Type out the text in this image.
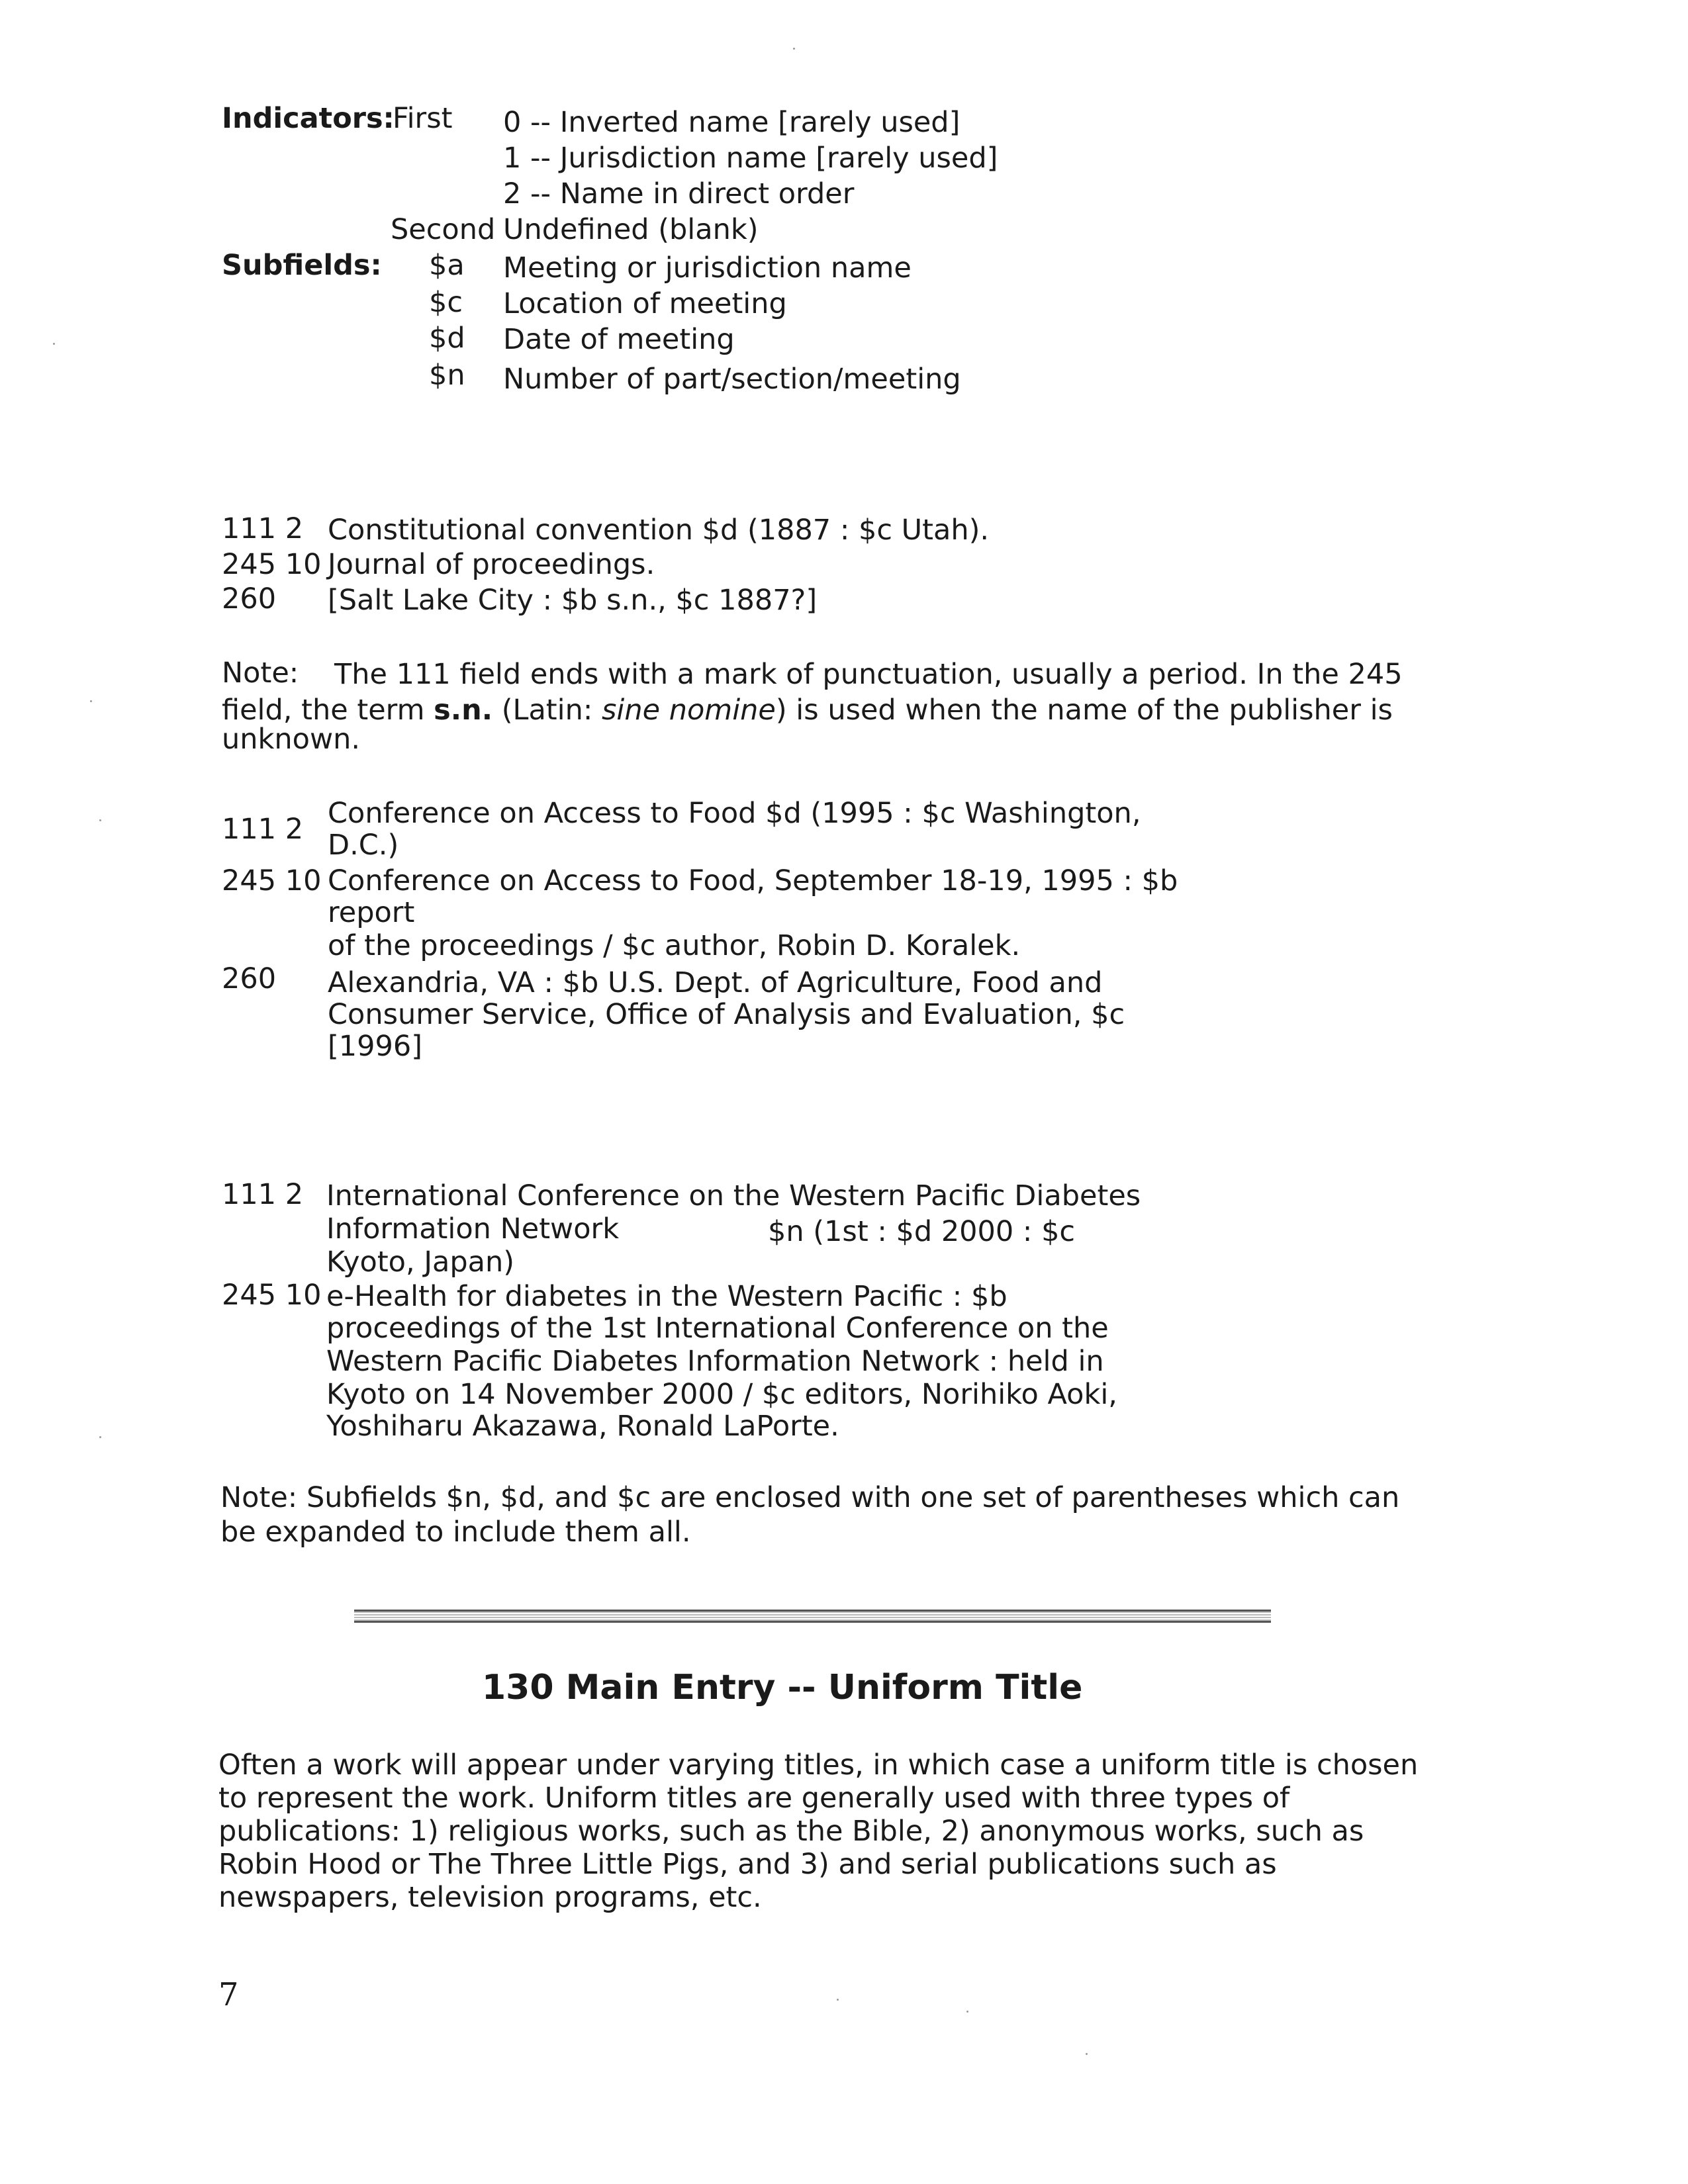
Indicators:
First 0 -- Inverted name [rarely used]
1 -- Jurisdiction name [rarely used]
2 -- Name in direct order
Second Undefined (blank)
Subfields: $a Meeting or jurisdiction name
$c Location of meeting
$d Date of meeting
$n Number of part/section/meeting
111 2 Constitutional convention $d (1887 : $c Utah).
245 10 Journal of proceedings.
260 [Salt Lake City : $b s.n., $c 1887?]
Note: The 111 field ends with a mark of punctuation, usually a period. In the 245
field, the term s.n. (Latin: sine nomine) is used when the name of the publisher is
unknown.
111 2 Conference on Access to Food $d (1995 : $c Washington,
D.C.)
245 10 Conference on Access to Food, September 18-19, 1995 : $b
report
of the proceedings / $c author, Robin D. Koralek.
260 Alexandria, VA : $b U.S. Dept. of Agriculture, Food and
Consumer Service, Office of Analysis and Evaluation, $c
[1996]
111 2 International Conference on the Western Pacific Diabetes
Information Network	$n (1st : $d 2000 : $c
Kyoto, Japan)
245 10 e-Health for diabetes in the Western Pacific : $b
proceedings of the 1st International Conference on the
Western Pacific Diabetes Information Network : held in
Kyoto on 14 November 2000 / $c editors, Norihiko Aoki,
Yoshiharu Akazawa, Ronald LaPorte.
Note: Subfields $n, $d, and $c are enclosed with one set of parentheses which can
be expanded to include them all.
130 Main Entry -- Uniform Title
Often a work will appear under varying titles, in which case a uniform title is chosen
to represent the work. Uniform titles are generally used with three types of
publications: 1) religious works, such as the Bible, 2) anonymous works, such as
Robin Hood or The Three Little Pigs, and 3) and serial publications such as
newspapers, television programs, etc.
7
